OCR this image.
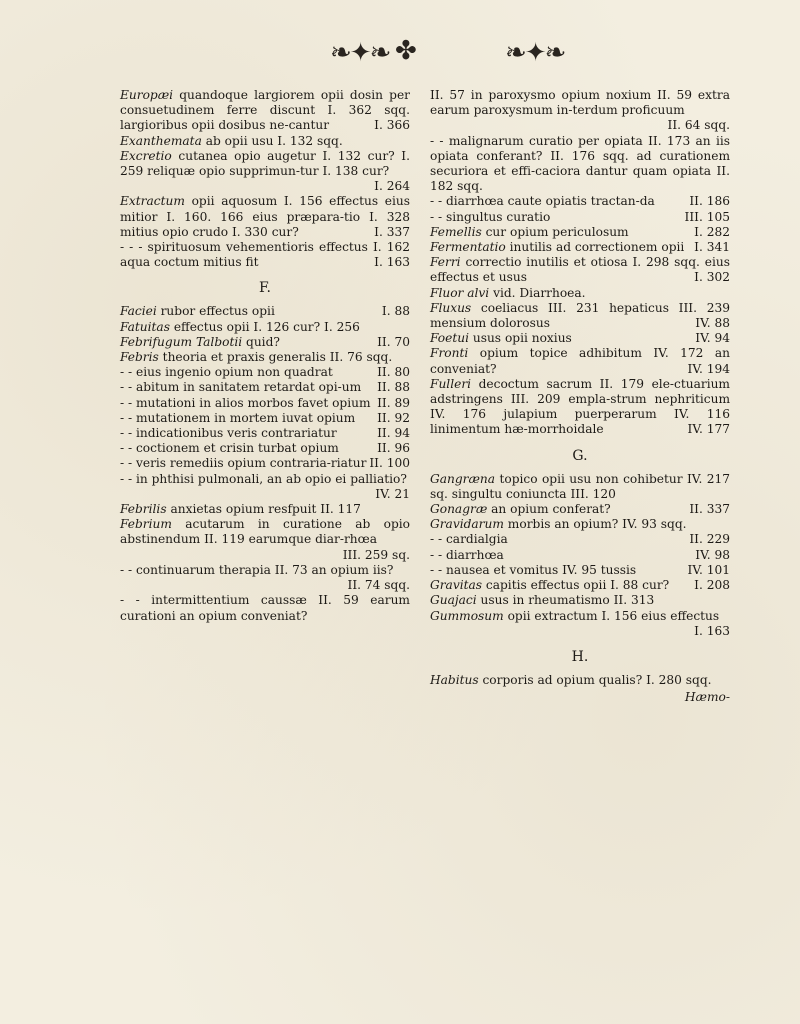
❧✦❧ ✤	❧✦❧

Europæi quandoque largiorem opii dosin per consuetudinem ferre discunt I. 362 sqq. largioribus opii dosibus ne-cantur	I. 366

Exanthemata ab opii usu I. 132 sqq.

Excretio cutanea opio augetur I. 132 cur? I. 259 reliquæ opio supprimun-tur I. 138 cur?
I. 264

Extractum opii aquosum I. 156 effectus eius mitior I. 160. 166 eius præpara-tio I. 328 mitius opio crudo I. 330 cur?	I. 337

- - - spirituosum vehementioris effectus I. 162 aqua coctum mitius fit	I. 163

F.

Faciei rubor effectus opii	I. 88

Fatuitas effectus opii I. 126 cur? I. 256

Febrifugum Talbotii quid?	II. 70

Febris theoria et praxis generalis II. 76 sqq.

- - eius ingenio opium non quadrat	II. 80

- - abitum in sanitatem retardat opi-um II. 88

- - mutationi in alios morbos favet opium II. 89

- - mutationem in mortem iuvat opium II. 92

- - indicationibus veris contrariatur	II. 94

- - coctionem et crisin turbat opium	II. 96

- - veris remediis opium contraria-riatur II. 100

- - in phthisi pulmonali, an ab opio ei palliatio?
IV. 21

Febrilis anxietas opium resfpuit II. 117

Febrium acutarum in curatione ab opio abstinendum II. 119 earumque diar-rhœa
III. 259 sq.

- - continuarum therapia II. 73 an opium iis?
II. 74 sqq.

- - intermittentium caussæ II. 59 earum curationi an opium conveniat?

II. 57 in paroxysmo opium noxium II. 59 extra earum paroxysmum in-terdum proficuum
II. 64 sqq.

- - malignarum curatio per opiata II. 173 an iis opiata conferant? II. 176 sqq. ad curationem securiora et effi-caciora dantur quam opiata II. 182 sqq.

- - diarrhœa caute opiatis tractan-da	II. 186

- - singultus curatio	III. 105

Femellis cur opium periculosum	I. 282

Fermentatio inutilis ad correctionem opii I. 341

Ferri correctio inutilis et otiosa I. 298 sqq. eius effectus et usus	I. 302

Fluor alvi vid. Diarrhoea.

Fluxus coeliacus III. 231 hepaticus III. 239 mensium dolorosus	IV. 88

Foetui usus opii noxius	IV. 94

Fronti opium topice adhibitum IV. 172 an conveniat?	IV. 194

Fulleri decoctum sacrum II. 179 ele-ctuarium adstringens III. 209 empla-strum nephriticum IV. 176 julapium puerperarum IV. 116 linimentum hæ-morrhoidale	IV. 177

G.

Gangræna topico opii usu non cohibetur IV. 217 sq. singultu coniuncta III. 120

Gonagræ an opium conferat?	II. 337

Gravidarum morbis an opium? IV. 93 sqq.

- - cardialgia	II. 229

- - diarrhœa	IV. 98

- - nausea et vomitus IV. 95 tussis	IV. 101

Gravitas capitis effectus opii I. 88 cur? I. 208

Guajaci usus in rheumatismo II. 313

Gummosum opii extractum I. 156 eius effectus
I. 163

H.

Habitus corporis ad opium qualis? I. 280 sqq.

Hæmo-
